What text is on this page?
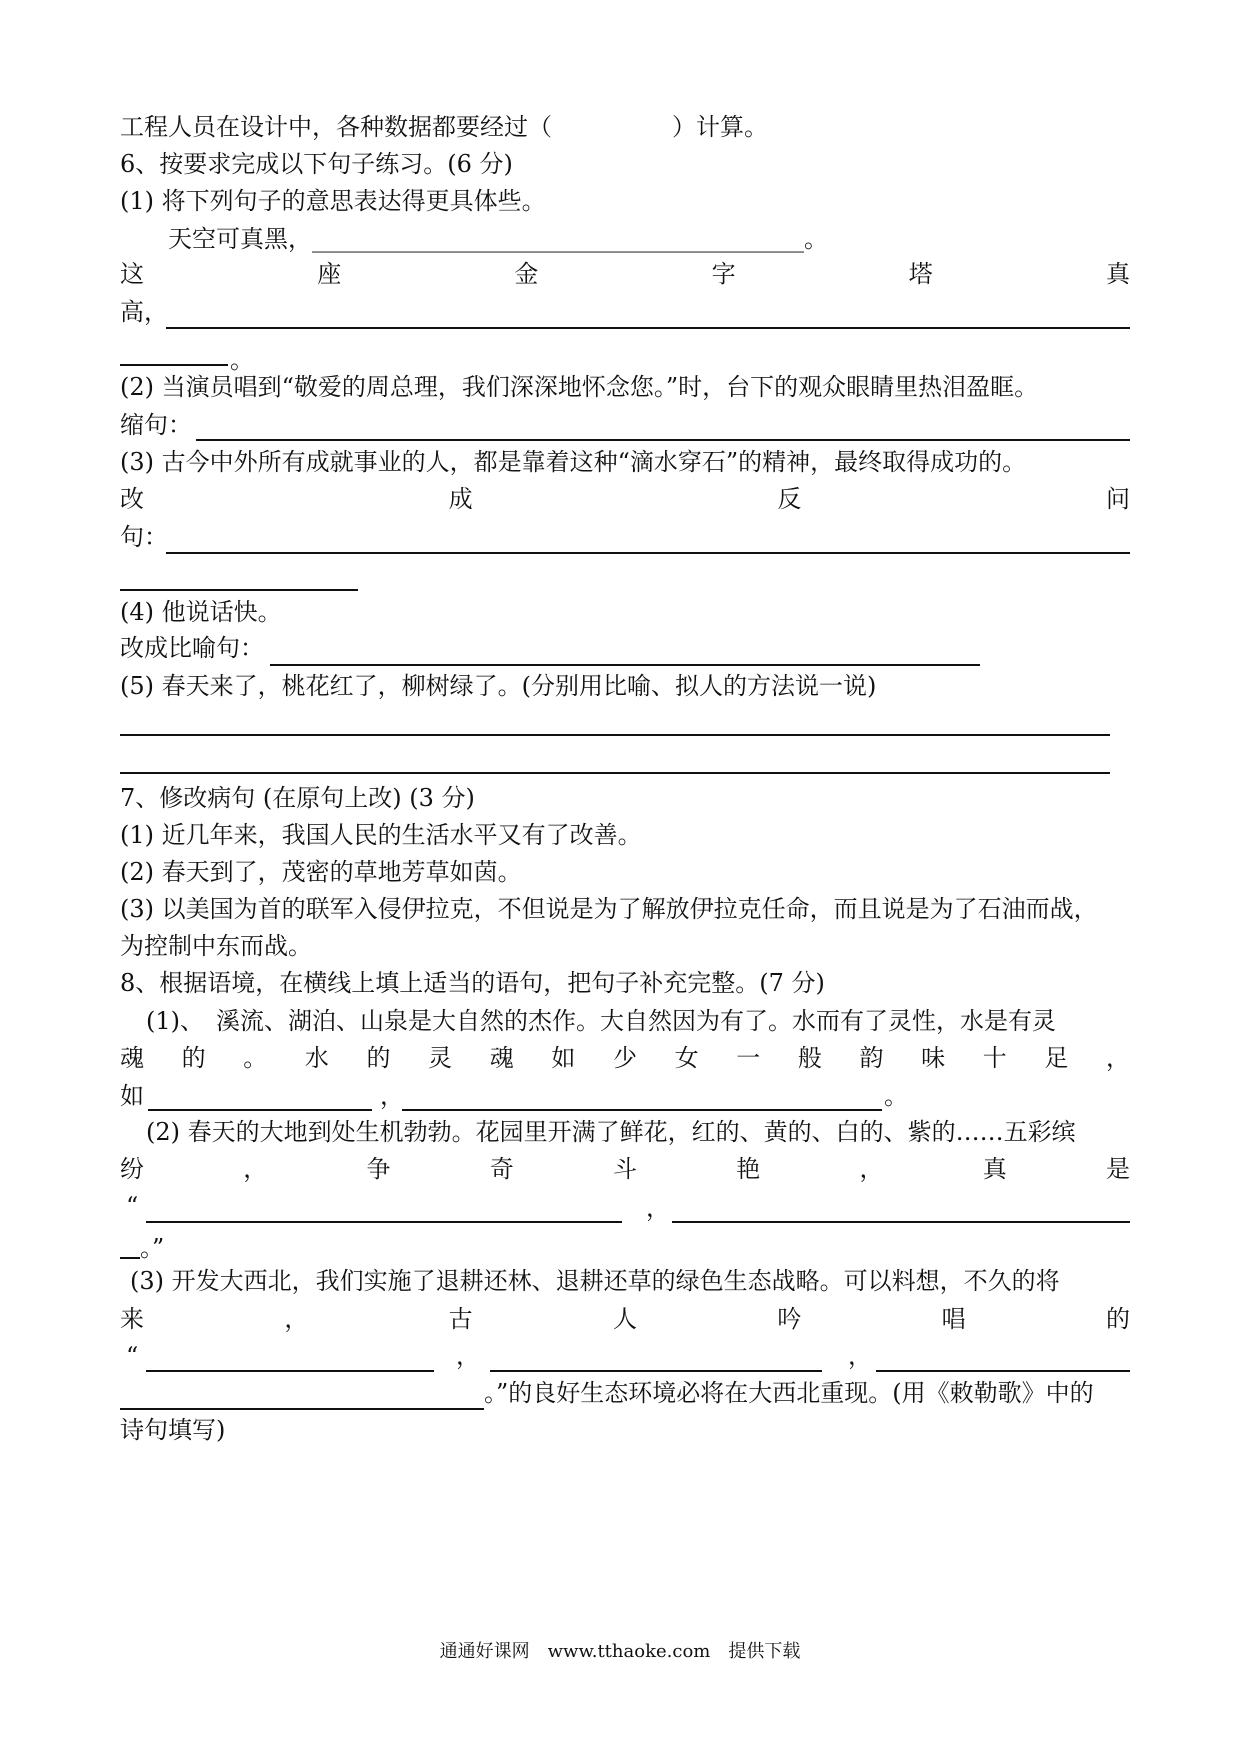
工程人员在设计中，各种数据都要经过（　　　　　）计算。
6、按要求完成以下句子练习。(6 分)
(1) 将下列句子的意思表达得更具体些。
天空可真黑，_________________________________________。
这	座	金	字	塔	真
高，
。
(2) 当演员唱到“敬爱的周总理，我们深深地怀念您。”时，台下的观众眼睛里热泪盈眶。
缩句：
(3) 古今中外所有成就事业的人，都是靠着这种“滴水穿石”的精神，最终取得成功的。
改	成	反	问
句：
(4) 他说话快。
改成比喻句：
(5) 春天来了，桃花红了，柳树绿了。(分别用比喻、拟人的方法说一说)
7、修改病句 (在原句上改) (3 分)
(1) 近几年来，我国人民的生活水平又有了改善。
(2) 春天到了，茂密的草地芳草如茵。
(3) 以美国为首的联军入侵伊拉克，不但说是为了解放伊拉克任命，而且说是为了石油而战，
为控制中东而战。
8、根据语境，在横线上填上适当的语句，把句子补充完整。(7 分)
(1)、　溪流、湖泊、山泉是大自然的杰作。大自然因为有了。水而有了灵性，水是有灵
魂 的 。 水 的 灵 魂 如 少 女 一 般 韵 味 十 足 ，
如	，	。
(2) 春天的大地到处生机勃勃。花园里开满了鲜花，红的、黄的、白的、紫的……五彩缤
纷	，	争	奇	斗	艳	，	真	是
“	，
。”
(3) 开发大西北，我们实施了退耕还林、退耕还草的绿色生态战略。可以料想，不久的将
来	，	古	人	吟	唱	的
“	，	，
。”的良好生态环境必将在大西北重现。(用《敕勒歌》中的
诗句填写)
通通好课网　www.tthaoke.com　提供下载
